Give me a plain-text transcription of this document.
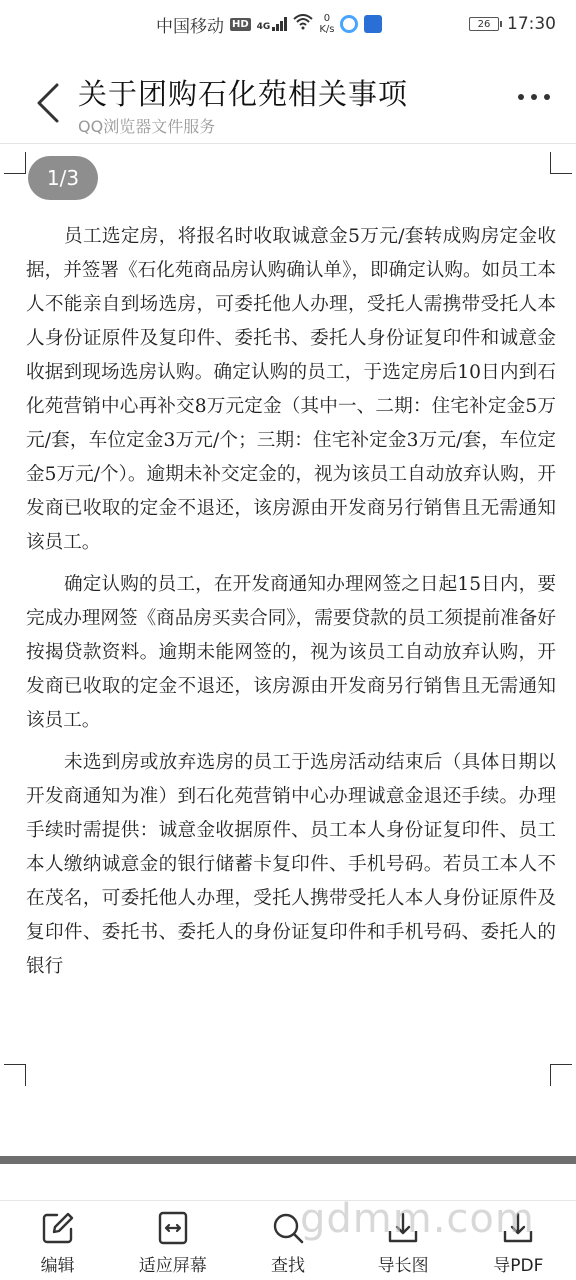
中国移动 HD 4G
0
K/s	26 17:30
关于团购石化苑相关事项
QQ浏览器文件服务
1/3

员工选定房，将报名时收取诚意金5万元/套转成购房定金收据，并签署《石化苑商品房认购确认单》，即确定认购。如员工本人不能亲自到场选房，可委托他人办理，受托人需携带受托人本人身份证原件及复印件、委托书、委托人身份证复印件和诚意金收据到现场选房认购。确定认购的员工，于选定房后10日内到石化苑营销中心再补交8万元定金（其中一、二期：住宅补定金5万元/套，车位定金3万元/个；三期：住宅补定金3万元/套，车位定金5万元/个）。逾期未补交定金的，视为该员工自动放弃认购，开发商已收取的定金不退还，该房源由开发商另行销售且无需通知该员工。

确定认购的员工，在开发商通知办理网签之日起15日内，要完成办理网签《商品房买卖合同》，需要贷款的员工须提前准备好按揭贷款资料。逾期未能网签的，视为该员工自动放弃认购，开发商已收取的定金不退还，该房源由开发商另行销售且无需通知该员工。

未选到房或放弃选房的员工于选房活动结束后（具体日期以开发商通知为准）到石化苑营销中心办理诚意金退还手续。办理手续时需提供：诚意金收据原件、员工本人身份证复印件、员工本人缴纳诚意金的银行储蓄卡复印件、手机号码。若员工本人不在茂名，可委托他人办理，受托人携带受托人本人身份证原件及复印件、委托书、委托人的身份证复印件和手机号码、委托人的银行

编辑	适应屏幕	查找	导长图	导PDF
gdmm.com
